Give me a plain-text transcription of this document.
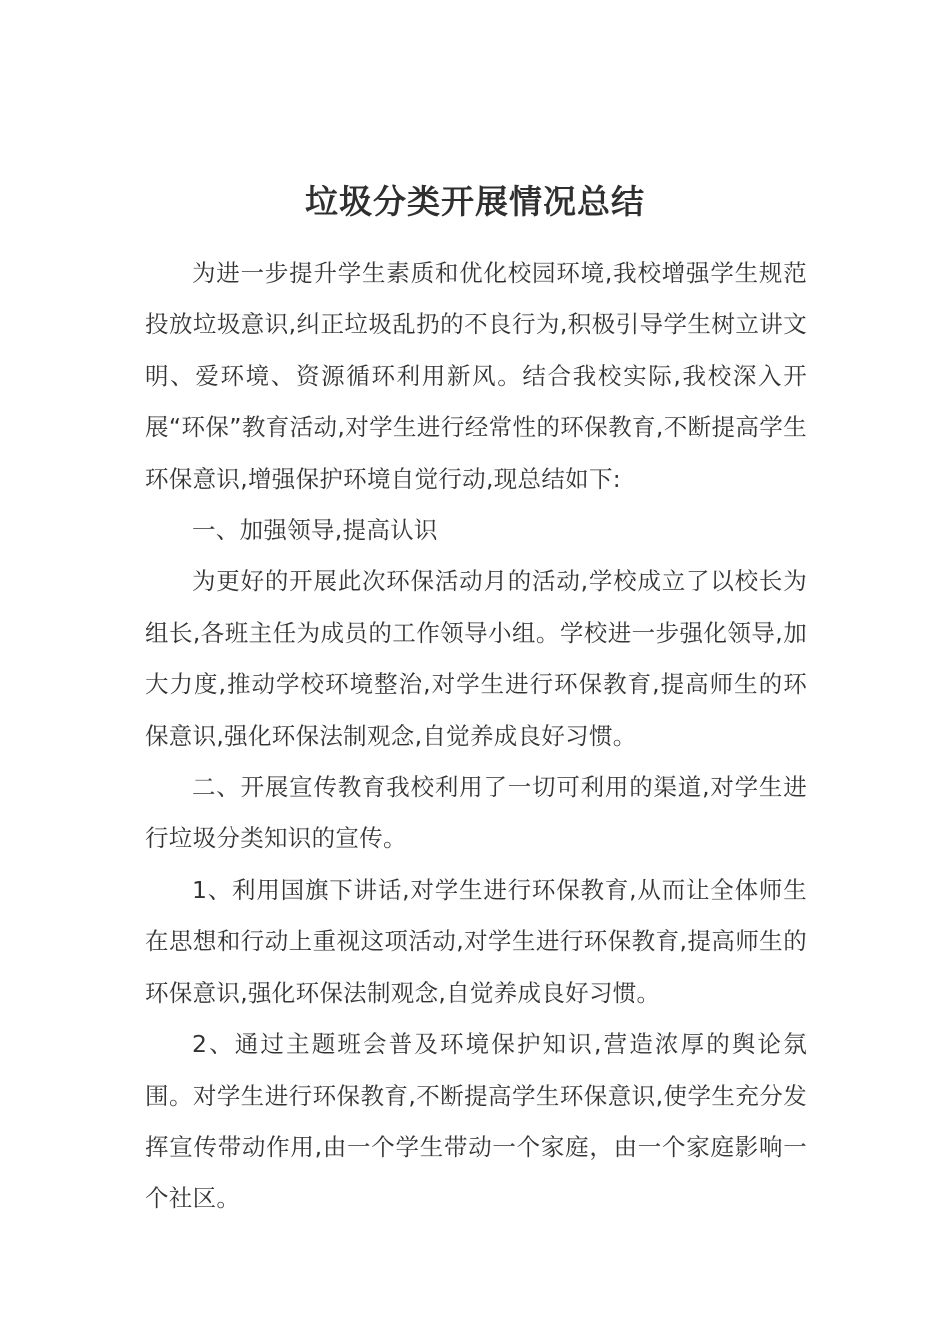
垃圾分类开展情况总结

为进一步提升学生素质和优化校园环境,我校增强学生规范投放垃圾意识,纠正垃圾乱扔的不良行为,积极引导学生树立讲文明、爱环境、资源循环利用新风。结合我校实际,我校深入开展“环保”教育活动,对学生进行经常性的环保教育,不断提高学生环保意识,增强保护环境自觉行动,现总结如下:

一、加强领导,提高认识

为更好的开展此次环保活动月的活动,学校成立了以校长为组长,各班主任为成员的工作领导小组。学校进一步强化领导,加大力度,推动学校环境整治,对学生进行环保教育,提高师生的环保意识,强化环保法制观念,自觉养成良好习惯。

二、开展宣传教育我校利用了一切可利用的渠道,对学生进行垃圾分类知识的宣传。

1、利用国旗下讲话,对学生进行环保教育,从而让全体师生在思想和行动上重视这项活动,对学生进行环保教育,提高师生的环保意识,强化环保法制观念,自觉养成良好习惯。

2、通过主题班会普及环境保护知识,营造浓厚的舆论氛围。对学生进行环保教育,不断提高学生环保意识,使学生充分发挥宣传带动作用,由一个学生带动一个家庭，由一个家庭影响一个社区。
